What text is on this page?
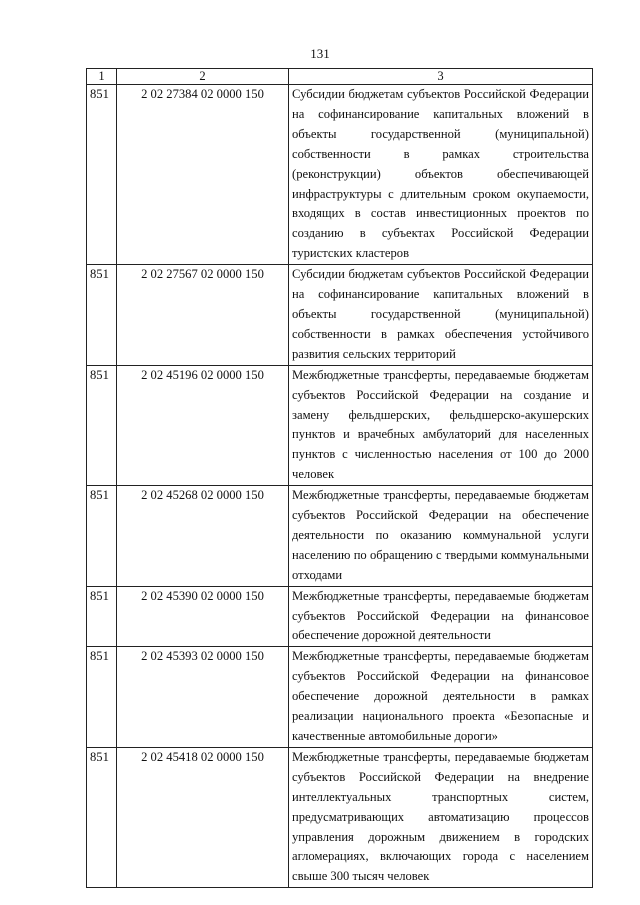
131
1	2	3
851	2 02 27384 02 0000 150	Субсидии бюджетам субъектов Российской Федерации на софинансирование капитальных вложений в объекты государственной (муниципальной) собственности в рамках строительства (реконструкции) объектов обеспечивающей инфраструктуры с длительным сроком окупаемости, входящих в состав инвестиционных проектов по созданию в субъектах Российской Федерации туристских кластеров
851	2 02 27567 02 0000 150	Субсидии бюджетам субъектов Российской Федерации на софинансирование капитальных вложений в объекты государственной (муниципальной) собственности в рамках обеспечения устойчивого развития сельских территорий
851	2 02 45196 02 0000 150	Межбюджетные трансферты, передаваемые бюджетам субъектов Российской Федерации на создание и замену фельдшерских, фельдшерско-акушерских пунктов и врачебных амбулаторий для населенных пунктов с численностью населения от 100 до 2000 человек
851	2 02 45268 02 0000 150	Межбюджетные трансферты, передаваемые бюджетам субъектов Российской Федерации на обеспечение деятельности по оказанию коммунальной услуги населению по обращению с твердыми коммунальными отходами
851	2 02 45390 02 0000 150	Межбюджетные трансферты, передаваемые бюджетам субъектов Российской Федерации на финансовое обеспечение дорожной деятельности
851	2 02 45393 02 0000 150	Межбюджетные трансферты, передаваемые бюджетам субъектов Российской Федерации на финансовое обеспечение дорожной деятельности в рамках реализации национального проекта «Безопасные и качественные автомобильные дороги»
851	2 02 45418 02 0000 150	Межбюджетные трансферты, передаваемые бюджетам субъектов Российской Федерации на внедрение интеллектуальных транспортных систем, предусматривающих автоматизацию процессов управления дорожным движением в городских агломерациях, включающих города с населением свыше 300 тысяч человек
